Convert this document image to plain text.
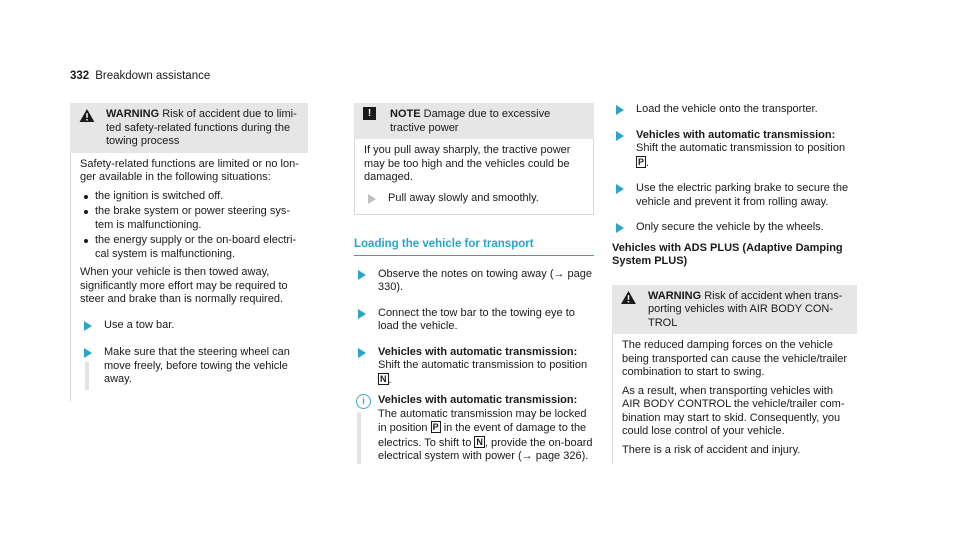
332 Breakdown assistance
WARNING Risk of accident due to limited safety-related functions during the towing process

Safety-related functions are limited or no longer available in the following situations:

the ignition is switched off.
the brake system or power steering system is malfunctioning.
the energy supply or the on-board electrical system is malfunctioning.

When your vehicle is then towed away, significantly more effort may be required to steer and brake than is normally required.

Use a tow bar.
Make sure that the steering wheel can move freely, before towing the vehicle away.
!	NOTE Damage due to excessive tractive power

If you pull away sharply, the tractive power may be too high and the vehicles could be damaged.

Pull away slowly and smoothly.
Loading the vehicle for transport
Observe the notes on towing away (→ page 330).
Connect the tow bar to the towing eye to load the vehicle.
Vehicles with automatic transmission:
Shift the automatic transmission to position
N .
i	Vehicles with automatic transmission:
The automatic transmission may be locked in position P in the event of damage to the electrics. To shift to N , provide the on-board electrical system with power (→ page 326).
Load the vehicle onto the transporter.
Vehicles with automatic transmission:
Shift the automatic transmission to position
P .
Use the electric parking brake to secure the vehicle and prevent it from rolling away.
Only secure the vehicle by the wheels.
Vehicles with ADS PLUS (Adaptive Damping System PLUS)
WARNING Risk of accident when transporting vehicles with AIR BODY CONTROL

The reduced damping forces on the vehicle being transported can cause the vehicle/trailer combination to start to swing.

As a result, when transporting vehicles with AIR BODY CONTROL the vehicle/trailer combination may start to skid. Consequently, you could lose control of your vehicle.

There is a risk of accident and injury.
